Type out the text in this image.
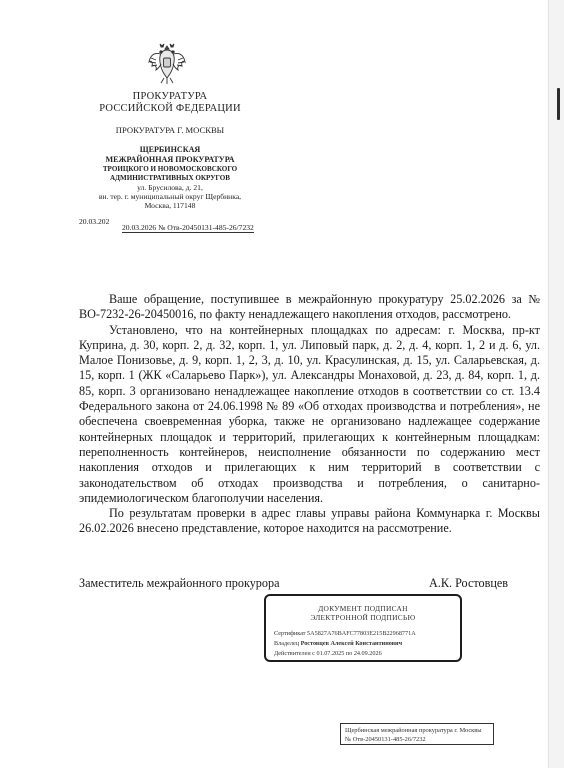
ПРОКУРАТУРА
РОССИЙСКОЙ ФЕДЕРАЦИИ
ПРОКУРАТУРА Г. МОСКВЫ
ЩЕРБИНСКАЯ
МЕЖРАЙОННАЯ ПРОКУРАТУРА
ТРОИЦКОГО И НОВОМОСКОВСКОГО
АДМИНИСТРАТИВНЫХ ОКРУГОВ
ул. Брусилова, д. 21,
вн. тер. г. муниципальный округ Щербинка,
Москва, 117148
20.03.202
20.03.2026 № Отв-20450131-485-26/7232

Ваше обращение, поступившее в межрайонную прокуратуру 25.02.2026 за № ВО-7232-26-20450016, по факту ненадлежащего накопления отходов, рассмотрено.

Установлено, что на контейнерных площадках по адресам: г. Москва, пр-кт Куприна, д. 30, корп. 2, д. 32, корп. 1, ул. Липовый парк, д. 2, д. 4, корп. 1, 2 и д. 6, ул. Малое Понизовье, д. 9, корп. 1, 2, 3, д. 10, ул. Красулинская, д. 15, ул. Саларьевская, д. 15, корп. 1 (ЖК «Саларьево Парк»), ул. Александры Монаховой, д. 23, д. 84, корп. 1, д. 85, корп. 3 организовано ненадлежащее накопление отходов в соответствии со ст. 13.4 Федерального закона от 24.06.1998 № 89 «Об отходах производства и потребления», не обеспечена своевременная уборка, также не организовано надлежащее содержание контейнерных площадок и территорий, прилегающих к контейнерным площадкам: переполненность контейнеров, неисполнение обязанности по содержанию мест накопления отходов и прилегающих к ним территорий в соответствии с законодательством об отходах производства и потребления, о санитарно-эпидемиологическом благополучии населения.

По результатам проверки в адрес главы управы района Коммунарка г. Москвы 26.02.2026 внесено представление, которое находится на рассмотрение.

Заместитель межрайонного прокурора	А.К. Ростовцев
ДОКУМЕНТ ПОДПИСАН
ЭЛЕКТРОННОЙ ПОДПИСЬЮ
Сертификат 5A5827A76BAFC77803E215B22968771A
Владелец Ростовцев Алексей Константинович
Действителен с 01.07.2025 по 24.09.2026
Щербинская межрайонная прокуратура г. Москвы
№ Отв-20450131-485-26/7232
